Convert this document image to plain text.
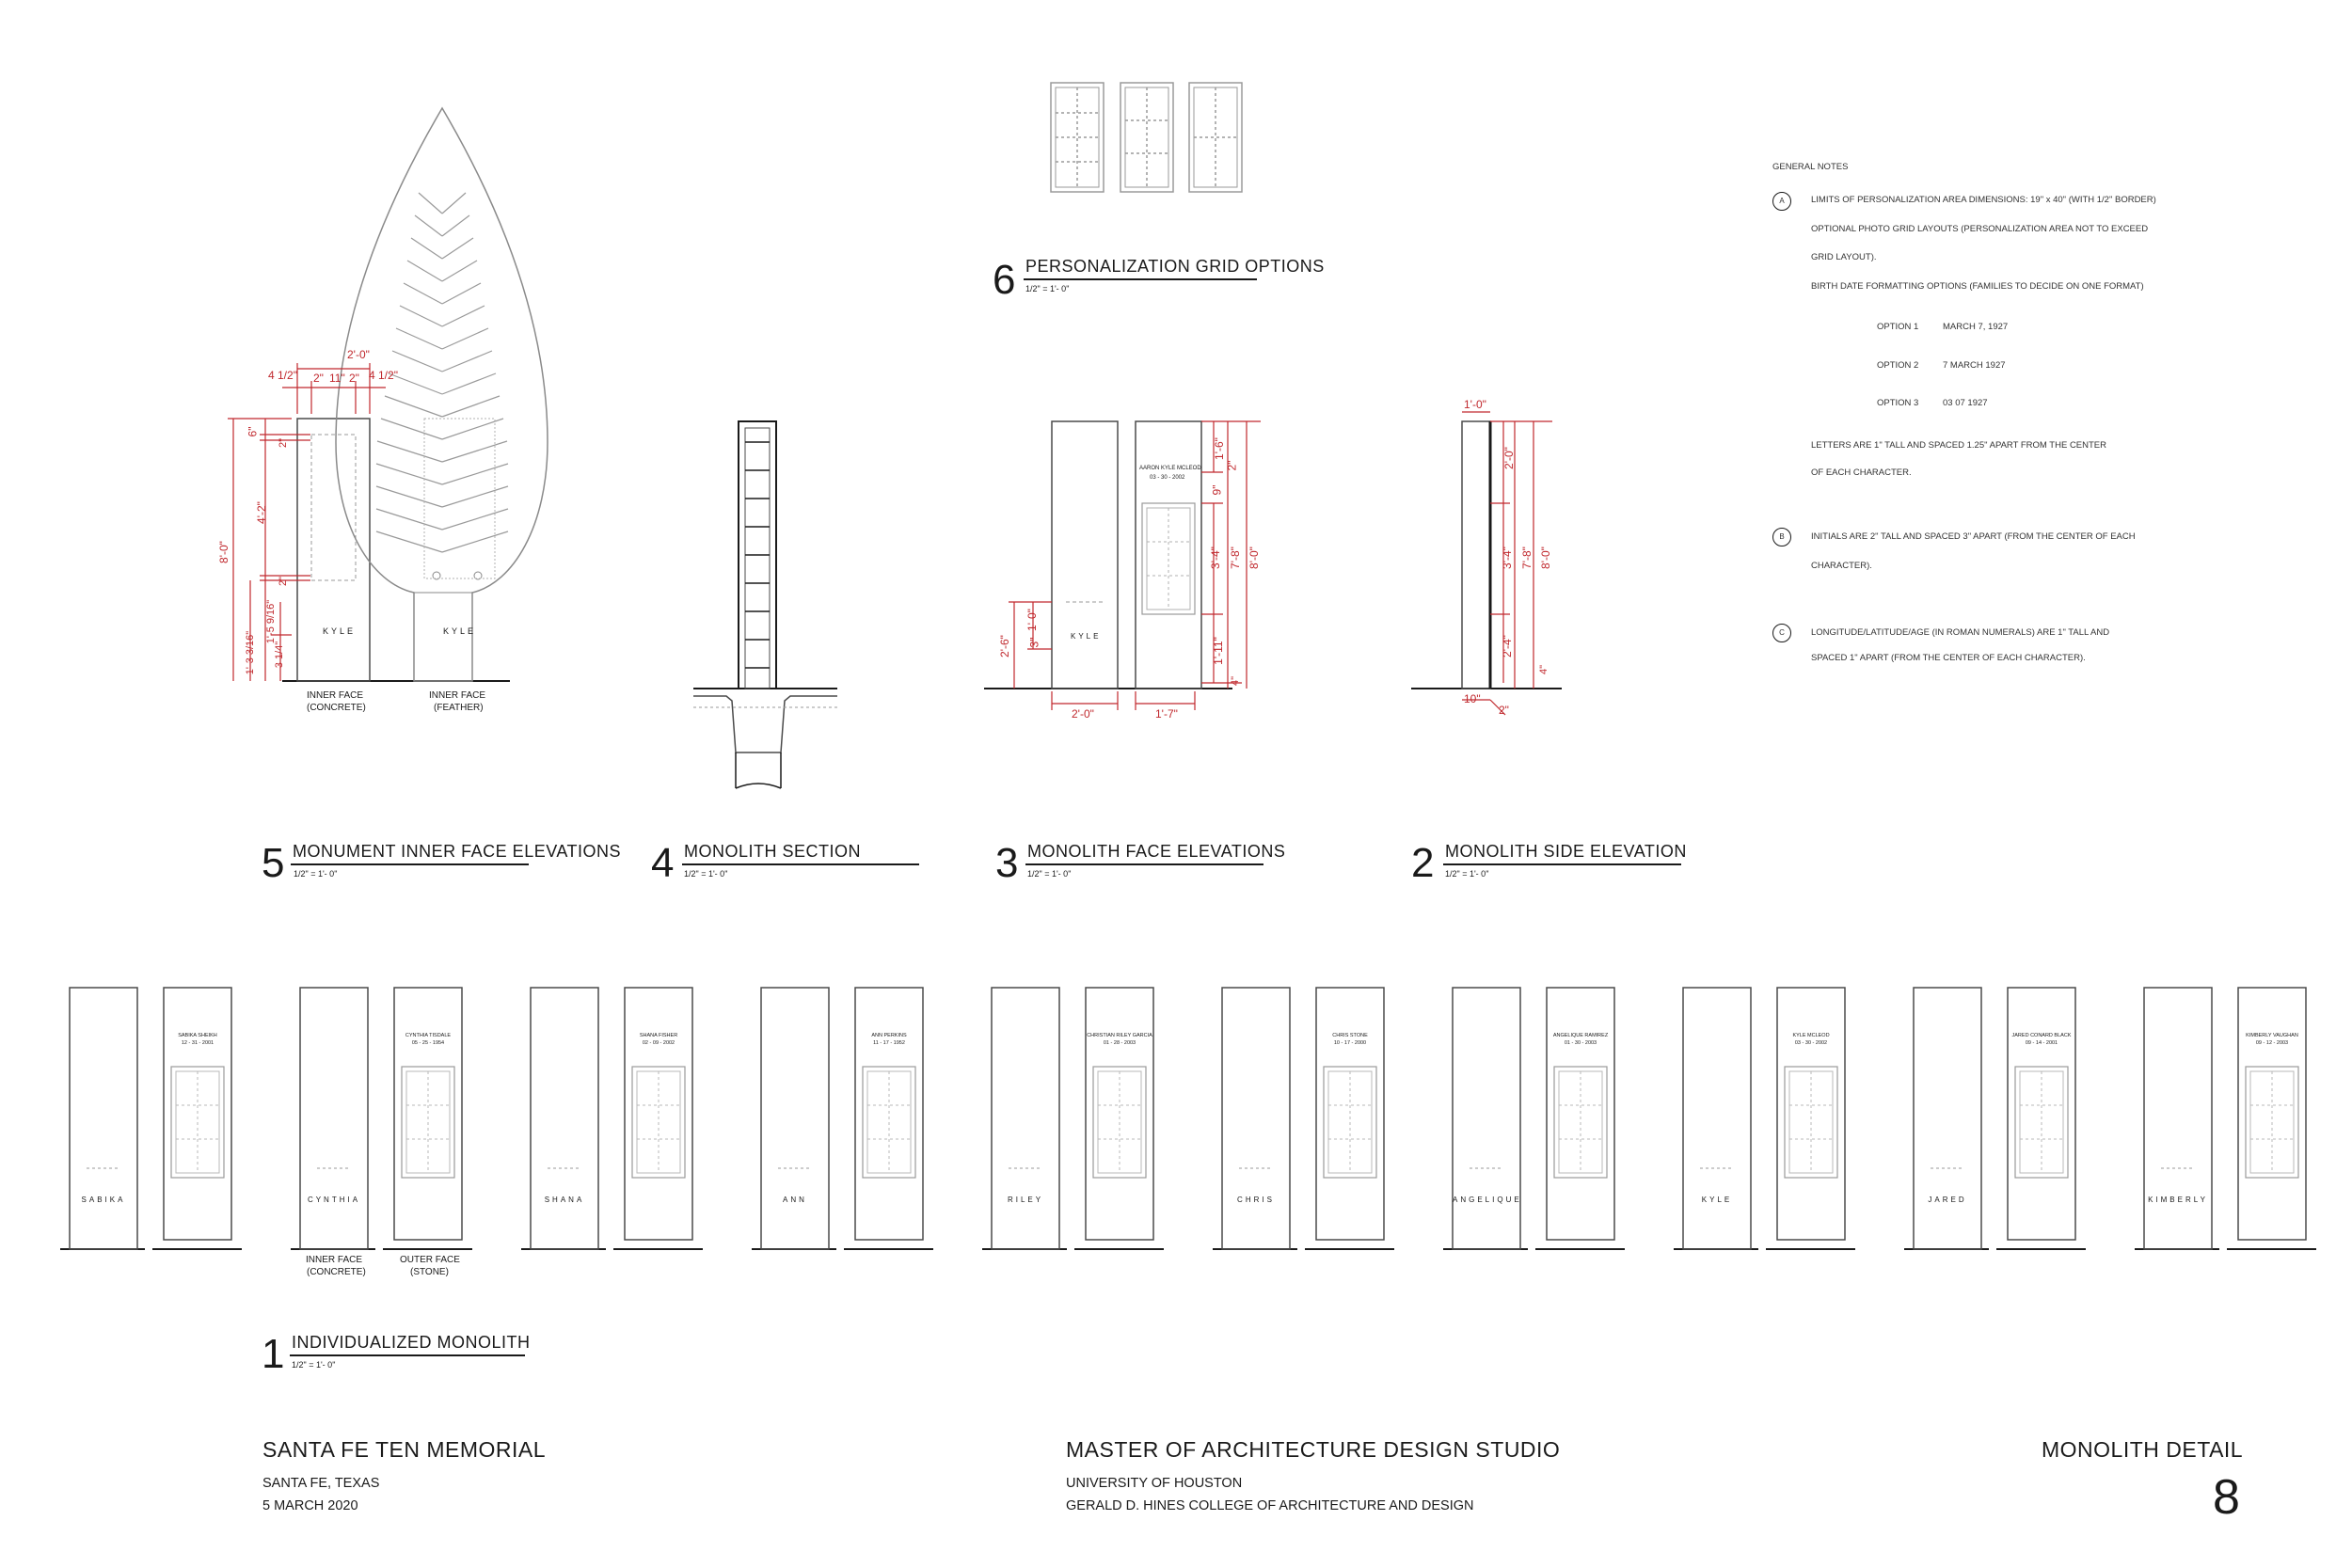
2'-0"
4 1/2" 2" 11" 2" 4 1/2"
6"
2"
4'-2"
2"
8'-0"
1'-5 9/16"
3 1/4"
1'-3 3/16"	KYLE	KYLE
INNER FACE
(CONCRETE)
INNER FACE
(FEATHER)
KYLE
AARON KYLE MCLEOD
03 - 30 - 2002
2'-0"	1'-7"
2'-6"
1'-0"
3"
1'-6"
2"
9"
3'-4" 7'-8" 8'-0"
1'-11"
4"
1'-0"
2'-0"
3'-4" 7'-8" 8'-0"
2'-4"
4"
10"
2"
6 PERSONALIZATION GRID OPTIONS
1/2" = 1'- 0"
5 MONUMENT INNER FACE ELEVATIONS
1/2" = 1'- 0"	4 MONOLITH SECTION
1/2" = 1'- 0"	3 MONOLITH FACE ELEVATIONS
1/2" = 1'- 0"	2 MONOLITH SIDE ELEVATION
1/2" = 1'- 0"
1 INDIVIDUALIZED MONOLITH
1/2" = 1'- 0"
INNER FACE
(CONCRETE)
OUTER FACE
(STONE)
SABIKA
SABIKA SHEIKH
12 - 31 - 2001
CYNTHIA
CYNTHIA TISDALE
05 - 25 - 1954
SHANA
SHANA FISHER
02 - 09 - 2002
ANN
ANN PERKINS
11 - 17 - 1952
RILEY
CHRISTIAN RILEY GARCIA
01 - 28 - 2003
CHRIS
CHRIS STONE
10 - 17 - 2000
ANGELIQUE
ANGELIQUE RAMIREZ
01 - 30 - 2003
KYLE
KYLE MCLEOD
03 - 30 - 2002
JARED
JARED CONARD BLACK
09 - 14 - 2001
KIMBERLY
KIMBERLY VAUGHAN
09 - 12 - 2003
GENERAL NOTES
A	LIMITS OF PERSONALIZATION AREA DIMENSIONS: 19" x 40" (WITH 1/2" BORDER)
OPTIONAL PHOTO GRID LAYOUTS (PERSONALIZATION AREA NOT TO EXCEED
GRID LAYOUT).
BIRTH DATE FORMATTING OPTIONS (FAMILIES TO DECIDE ON ONE FORMAT)
OPTION 1	MARCH 7, 1927
OPTION 2	7 MARCH 1927
OPTION 3	03 07 1927
LETTERS ARE 1" TALL AND SPACED 1.25" APART FROM THE CENTER
OF EACH CHARACTER.
B	INITIALS ARE 2" TALL AND SPACED 3" APART (FROM THE CENTER OF EACH
CHARACTER).
C	LONGITUDE/LATITUDE/AGE (IN ROMAN NUMERALS) ARE 1" TALL AND
SPACED 1" APART (FROM THE CENTER OF EACH CHARACTER).
SANTA FE TEN MEMORIAL
SANTA FE, TEXAS
5 MARCH 2020
MASTER OF ARCHITECTURE DESIGN STUDIO
UNIVERSITY OF HOUSTON
GERALD D. HINES COLLEGE OF ARCHITECTURE AND DESIGN
MONOLITH DETAIL
8
